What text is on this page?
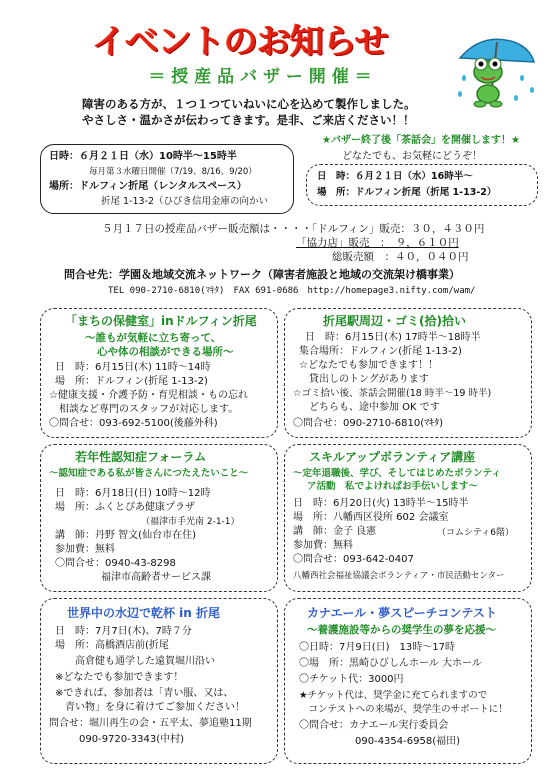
イベントのお知らせ
＝ 授 産 品 バ ザ ー 開 催 ＝
障害のある方が、１つ１つていねいに心を込めて製作しました。
やさしさ・温かさが伝わってきます。是非、ご来店ください！！
日時：６月２１日（水）10時半〜15時半
毎月第３水曜日開催（7/19、8/16、9/20）
場所：ドルフィン折尾（レンタルスペース）
折尾 1-13-2（ひびき信用金庫の向かい
★バザー終了後「茶話会」を開催します！★
どなたでも、お気軽にどうぞ！
日　時：６月２１日（水）16時半〜
場　所：ドルフィン折尾（折尾 1-13-2）
５月１７日の授産品バザー販売額は・・・・「ドルフィン」販売：３０，４３０円
「協力店」販売　：　９，６１０円
総販売額　：４０，０４０円
問合せ先：学園＆地域交流ネットワーク（障害者施設と地域の交流架け橋事業）
TEL 090-2710-6810(ﾏｷﾀ)　FAX 691-0686　http://homepage3.nifty.com/wam/
「まちの保健室」inドルフィン折尾
〜誰もが気軽に立ち寄って、
心や体の相談ができる場所〜
日　時：6月15日(木) 11時〜14時
場　所：ドルフィン(折尾 1-13-2)
☆健康支援・介護予防・育児相談・もの忘れ
　相談など専門のスタッフが対応します。
〇問合せ：093-692-5100(後藤外科)
折尾駅周辺・ゴミ(拾)拾い
日　時：6月15日(木) 17時半〜18時半
集合場所：ドルフィン(折尾 1-13-2)
☆どなたでも参加できます！！
　貸出しのトングがあります
☆ゴミ拾い後、茶話会開催(18 時半〜19 時半)
　どちらも、途中参加 OK です
〇問合せ：090-2710-6810(ﾏｷﾀ)
若年性認知症フォーラム
〜認知症である私が皆さんにつたえたいこと〜
日　時：6月18日(日) 10時〜12時
場　所：ふくとぴあ健康プラザ
（福津市手光南 2-1-1）
講　師：丹野 智文(仙台市在住)
参加費：無料
〇問合せ：0940-43-8298
福津市高齢者サービス課
スキルアップボランティア講座
〜定年退職後、学び、そしてはじめたボランティ
ア活動　私でよければお手伝いします〜
日　時：6月20日(火) 13時半〜15時半
場　所：八幡西区役所 602 会議室
講　師：金子 良憲	（コムシティ6階）
参加費：無料
〇問合せ：093-642-0407
八幡西社会福祉協議会ボランティア・市民活動センター
世界中の水辺で乾杯 in 折尾
日　時：7月7日(木)、7時７分
場　所：高橋酒店前(折尾
　　高倉健も通学した遠賀堀川沿い
※どなたでも参加できます！
※できれば、参加者は「青い服、又は、
　青い物」を身に着けてご参加ください！
問合せ：堀川再生の会・五平太、夢追塾11期
　　　090-9720-3343(中村)
カナエール・夢スピーチコンテスト
〜養護施設等からの奨学生の夢を応援〜
〇日時：7月9日(日)　13時〜17時
〇場　所：黒崎ひびしんホール 大ホール
〇チケット代：3000円
★チケット代は、奨学金に充てられますので
　コンテストへの来場が、奨学生のサポートに！
〇問合せ：カナエール実行委員会
090-4354-6958(福田)
